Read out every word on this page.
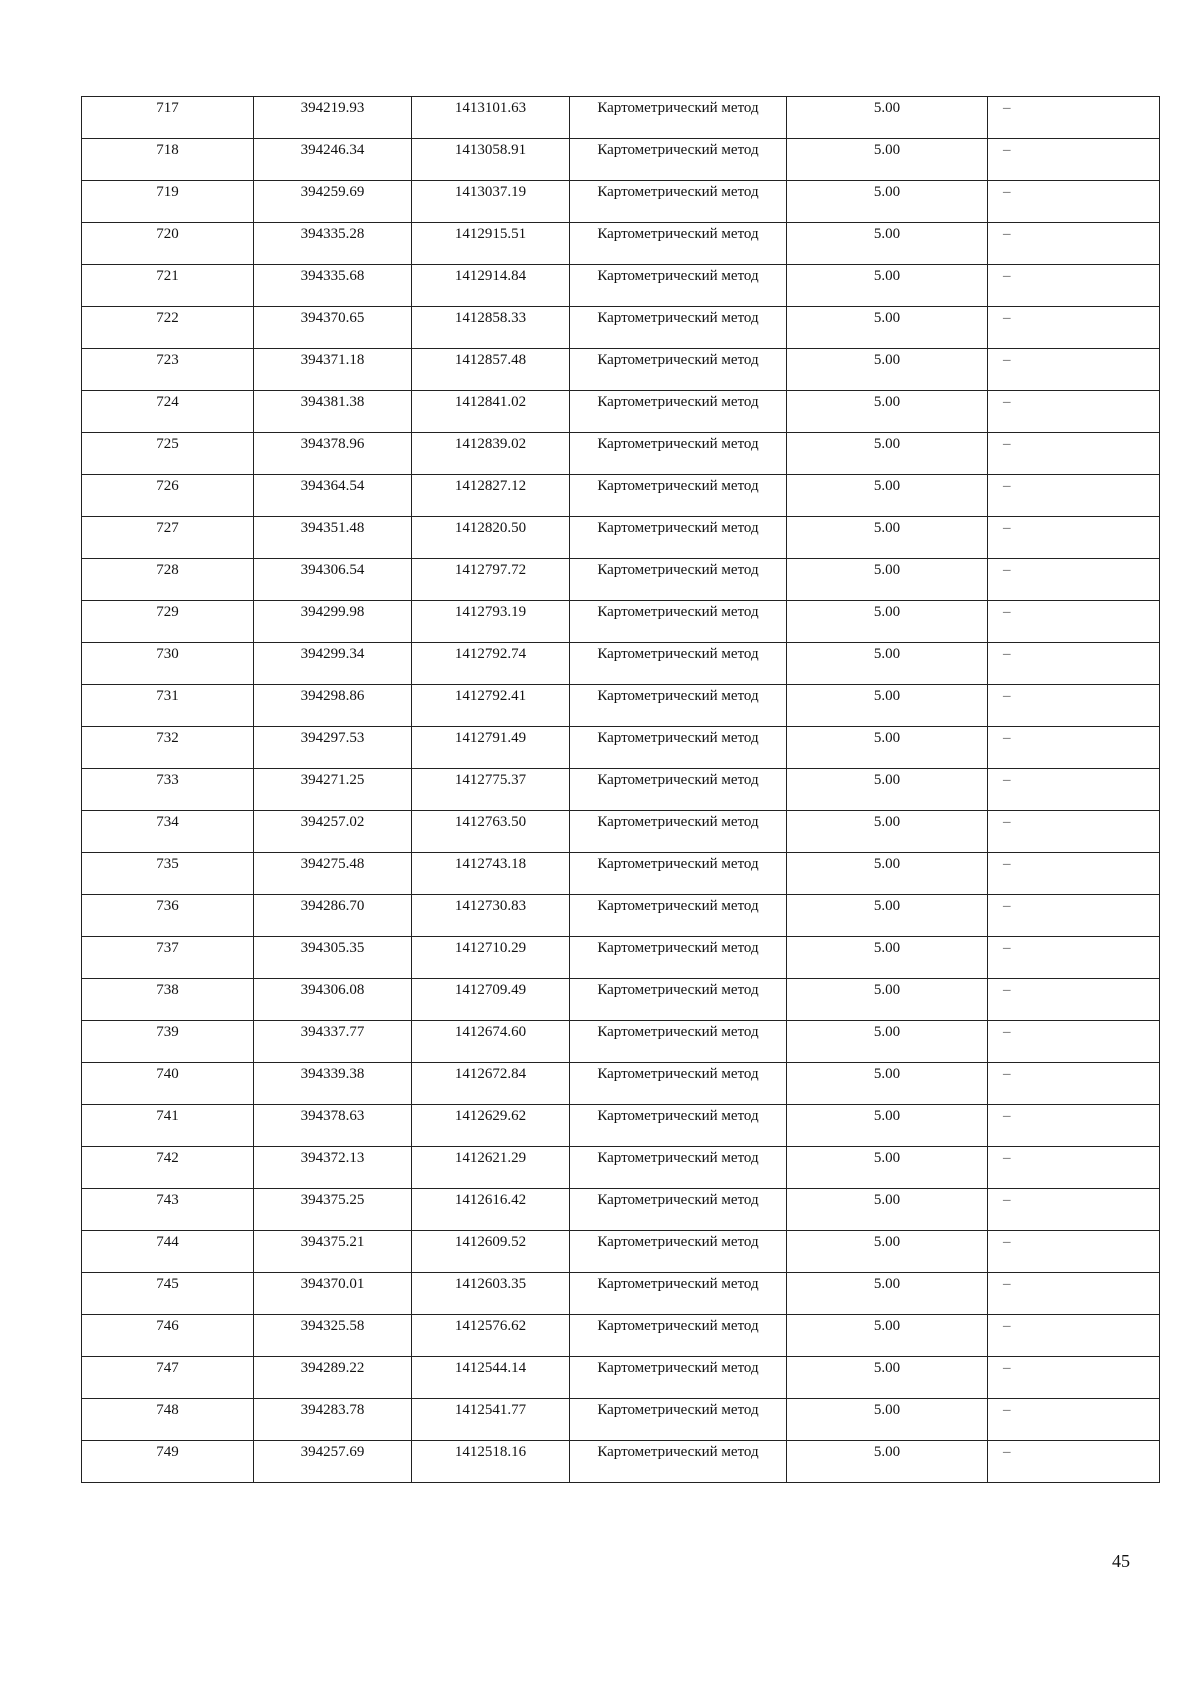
717	394219.93	1413101.63	Картометрический метод	5.00	–

718	394246.34	1413058.91	Картометрический метод	5.00	–

719	394259.69	1413037.19	Картометрический метод	5.00	–

720	394335.28	1412915.51	Картометрический метод	5.00	–

721	394335.68	1412914.84	Картометрический метод	5.00	–

722	394370.65	1412858.33	Картометрический метод	5.00	–

723	394371.18	1412857.48	Картометрический метод	5.00	–

724	394381.38	1412841.02	Картометрический метод	5.00	–

725	394378.96	1412839.02	Картометрический метод	5.00	–

726	394364.54	1412827.12	Картометрический метод	5.00	–

727	394351.48	1412820.50	Картометрический метод	5.00	–

728	394306.54	1412797.72	Картометрический метод	5.00	–

729	394299.98	1412793.19	Картометрический метод	5.00	–

730	394299.34	1412792.74	Картометрический метод	5.00	–

731	394298.86	1412792.41	Картометрический метод	5.00	–

732	394297.53	1412791.49	Картометрический метод	5.00	–

733	394271.25	1412775.37	Картометрический метод	5.00	–

734	394257.02	1412763.50	Картометрический метод	5.00	–

735	394275.48	1412743.18	Картометрический метод	5.00	–

736	394286.70	1412730.83	Картометрический метод	5.00	–

737	394305.35	1412710.29	Картометрический метод	5.00	–

738	394306.08	1412709.49	Картометрический метод	5.00	–

739	394337.77	1412674.60	Картометрический метод	5.00	–

740	394339.38	1412672.84	Картометрический метод	5.00	–

741	394378.63	1412629.62	Картометрический метод	5.00	–

742	394372.13	1412621.29	Картометрический метод	5.00	–

743	394375.25	1412616.42	Картометрический метод	5.00	–

744	394375.21	1412609.52	Картометрический метод	5.00	–

745	394370.01	1412603.35	Картометрический метод	5.00	–

746	394325.58	1412576.62	Картометрический метод	5.00	–

747	394289.22	1412544.14	Картометрический метод	5.00	–

748	394283.78	1412541.77	Картометрический метод	5.00	–

749	394257.69	1412518.16	Картометрический метод	5.00	–
45
